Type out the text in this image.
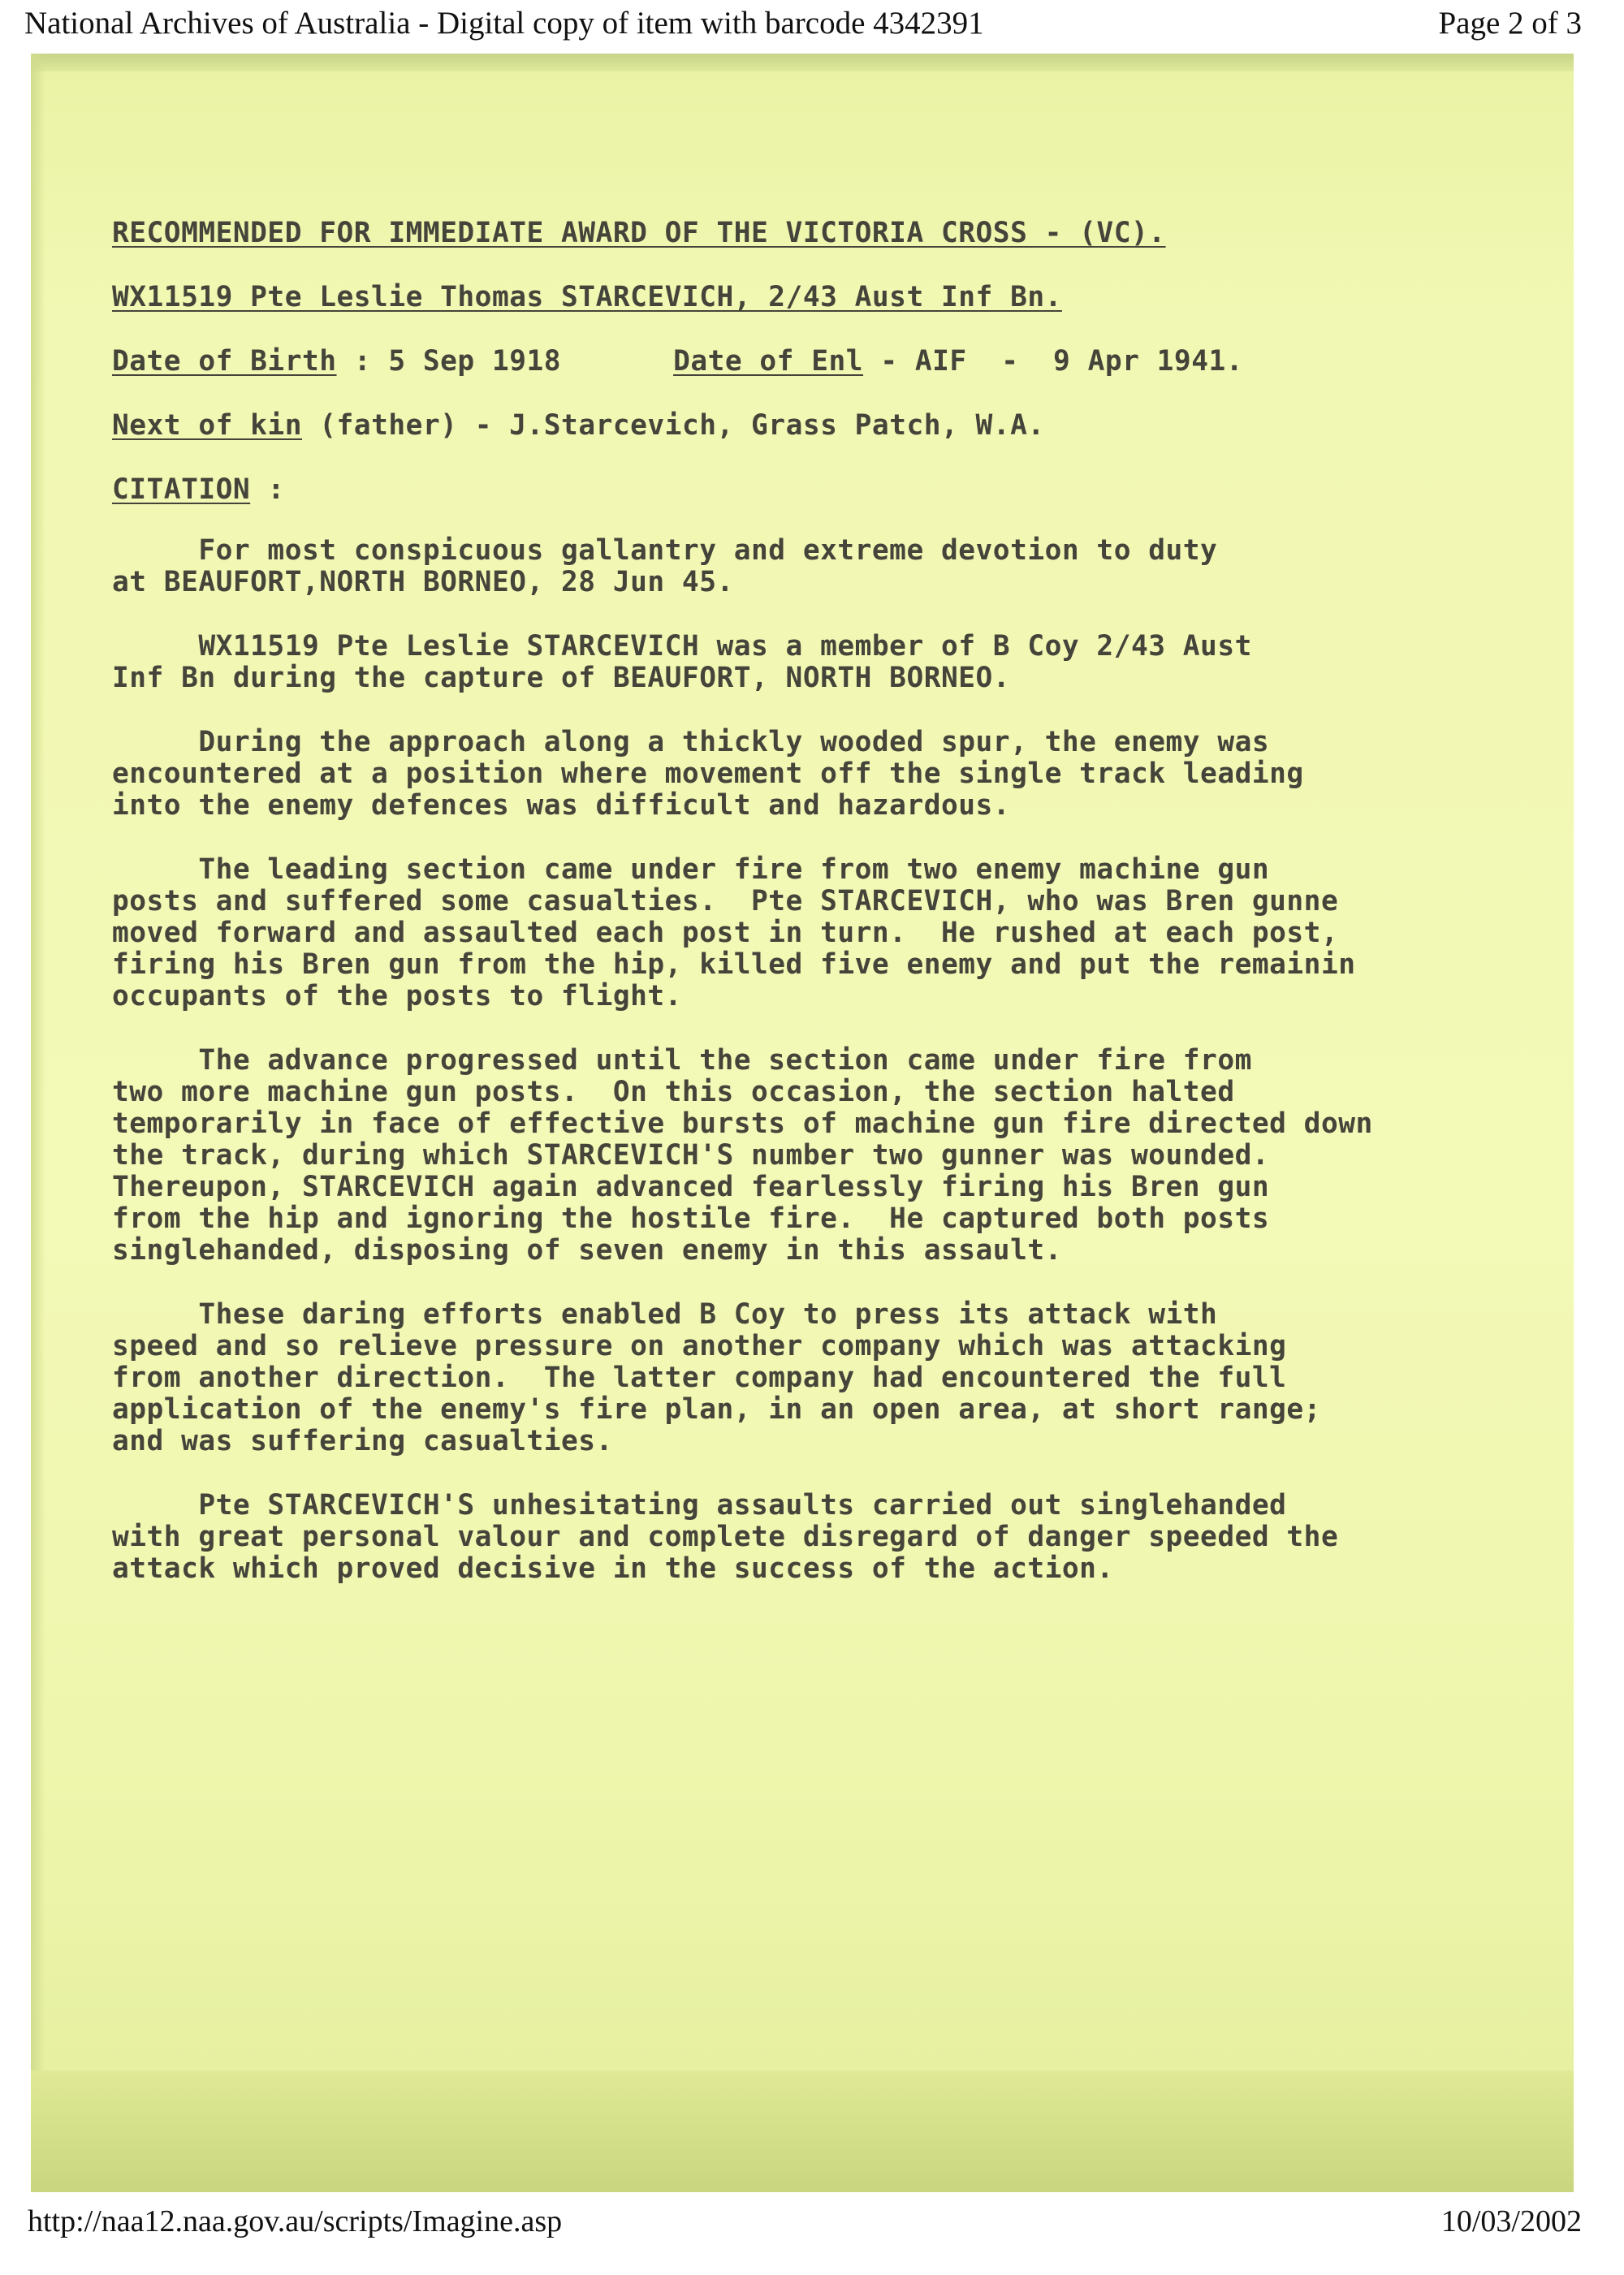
National Archives of Australia - Digital copy of item with barcode 4342391	Page 2 of 3
RECOMMENDED FOR IMMEDIATE AWARD OF THE VICTORIA CROSS - (VC).
WX11519 Pte Leslie Thomas STARCEVICH, 2/43 Aust Inf Bn.
Date of Birth : 5 Sep 1918	Date of Enl - AIF  -  9 Apr 1941.
Next of kin (father) - J.Starcevich, Grass Patch, W.A.
CITATION :
For most conspicuous gallantry and extreme devotion to duty
at BEAUFORT,NORTH BORNEO, 28 Jun 45.
WX11519 Pte Leslie STARCEVICH was a member of B Coy 2/43 Aust
Inf Bn during the capture of BEAUFORT, NORTH BORNEO.
During the approach along a thickly wooded spur, the enemy was
encountered at a position where movement off the single track leading
into the enemy defences was difficult and hazardous.
The leading section came under fire from two enemy machine gun
posts and suffered some casualties.  Pte STARCEVICH, who was Bren gunne
moved forward and assaulted each post in turn.  He rushed at each post,
firing his Bren gun from the hip, killed five enemy and put the remainin
occupants of the posts to flight.
The advance progressed until the section came under fire from
two more machine gun posts.  On this occasion, the section halted
temporarily in face of effective bursts of machine gun fire directed down
the track, during which STARCEVICH'S number two gunner was wounded.
Thereupon, STARCEVICH again advanced fearlessly firing his Bren gun
from the hip and ignoring the hostile fire.  He captured both posts
singlehanded, disposing of seven enemy in this assault.
These daring efforts enabled B Coy to press its attack with
speed and so relieve pressure on another company which was attacking
from another direction.  The latter company had encountered the full
application of the enemy's fire plan, in an open area, at short range;
and was suffering casualties.
Pte STARCEVICH'S unhesitating assaults carried out singlehanded
with great personal valour and complete disregard of danger speeded the
attack which proved decisive in the success of the action.
http://naa12.naa.gov.au/scripts/Imagine.asp	10/03/2002
